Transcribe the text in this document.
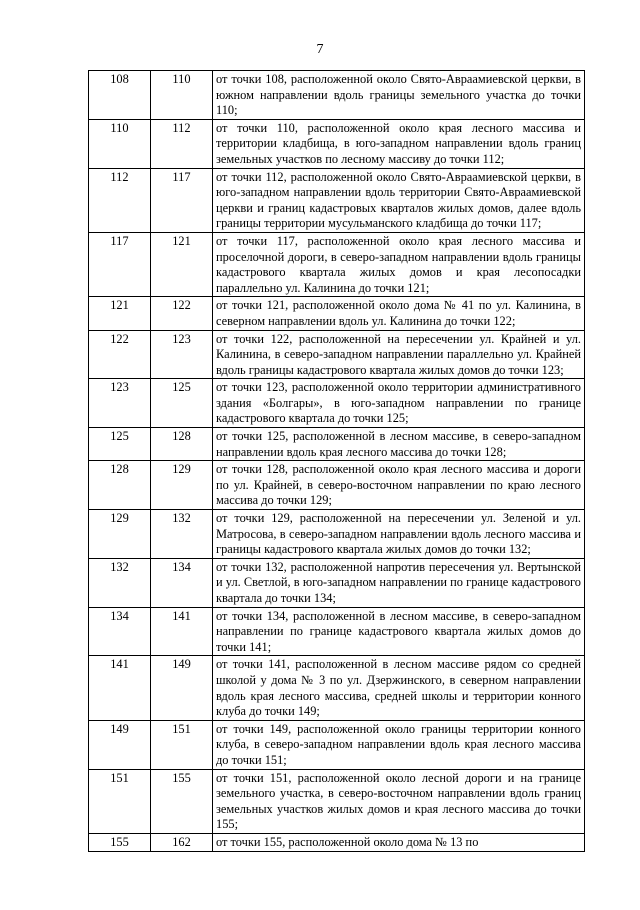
7
108	110	от точки 108, расположенной около Свято-Авраамиевской церкви, в южном направлении вдоль границы земельного участка до точки 110;
110	112	от точки 110, расположенной около края лесного массива и территории кладбища, в юго-западном направлении вдоль границ земельных участков по лесному массиву до точки 112;
112	117	от точки 112, расположенной около Свято-Авраамиевской церкви, в юго-западном направлении вдоль территории Свято-Авраамиевской церкви и границ кадастровых кварталов жилых домов, далее вдоль границы территории мусульманского кладбища до точки 117;
117	121	от точки 117, расположенной около края лесного массива и проселочной дороги, в северо-западном направлении вдоль границы кадастрового квартала жилых домов и края лесопосадки параллельно ул. Калинина до точки 121;
121	122	от точки 121, расположенной около дома № 41 по ул. Калинина, в северном направлении вдоль ул. Калинина до точки 122;
122	123	от точки 122, расположенной на пересечении ул. Крайней и ул. Калинина, в северо-западном направлении параллельно ул. Крайней вдоль границы кадастрового квартала жилых домов до точки 123;
123	125	от точки 123, расположенной около территории административного здания «Болгары», в юго-западном направлении по границе кадастрового квартала до точки 125;
125	128	от точки 125, расположенной в лесном массиве, в северо-западном направлении вдоль края лесного массива до точки 128;
128	129	от точки 128, расположенной около края лесного массива и дороги по ул. Крайней, в северо-восточном направлении по краю лесного массива до точки 129;
129	132	от точки 129, расположенной на пересечении ул. Зеленой и ул. Матросова, в северо-западном направлении вдоль лесного массива и границы кадастрового квартала жилых домов до точки 132;
132	134	от точки 132, расположенной напротив пересечения ул. Вертынской и ул. Светлой, в юго-западном направлении по границе кадастрового квартала до точки 134;
134	141	от точки 134, расположенной в лесном массиве, в северо-западном направлении по границе кадастрового квартала жилых домов до точки 141;
141	149	от точки 141, расположенной в лесном массиве рядом со средней школой у дома № 3 по ул. Дзержинского, в северном направлении вдоль края лесного массива, средней школы и территории конного клуба до точки 149;
149	151	от точки 149, расположенной около границы территории конного клуба, в северо-западном направлении вдоль края лесного массива до точки 151;
151	155	от точки 151, расположенной около лесной дороги и на границе земельного участка, в северо-восточном направлении вдоль границ земельных участков жилых домов и края лесного массива до точки 155;
155	162	от точки 155, расположенной около дома № 13 по
